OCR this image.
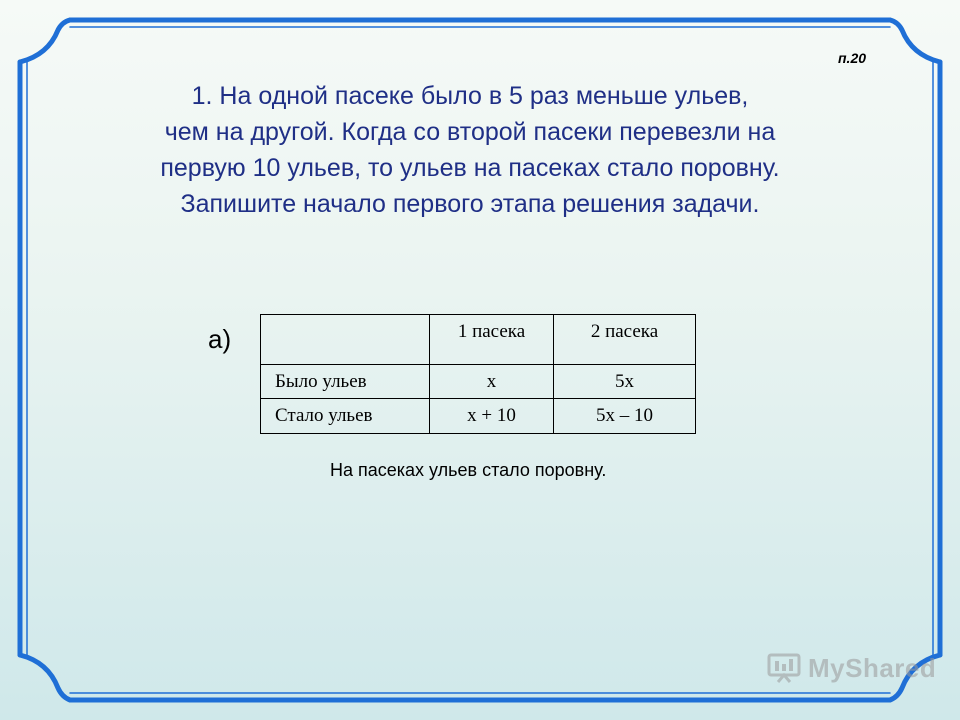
п.20
1. На одной пасеке было в 5 раз меньше ульев,
чем на другой. Когда со второй пасеки перевезли на
первую 10 ульев, то ульев на пасеках стало поровну.
Запишите начало первого этапа решения задачи.
а)
		1 пасека	2 пасека
Было ульев	x	5x
Стало ульев	x + 10	5x – 10
На пасеках ульев стало поровну.
MyShared
